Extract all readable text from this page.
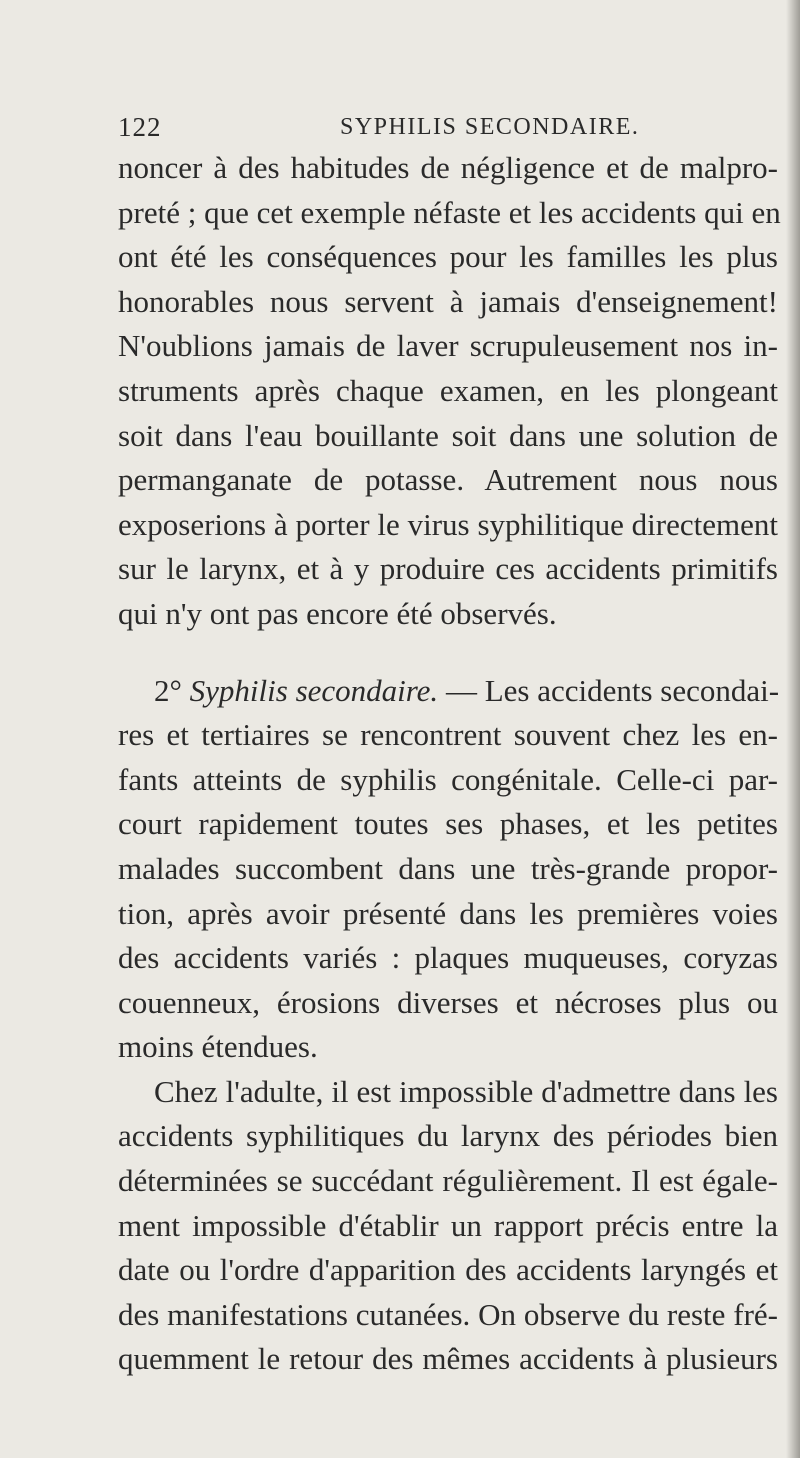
122	SYPHILIS SECONDAIRE.
noncer à des habitudes de négligence et de malpro-
preté ; que cet exemple néfaste et les accidents qui en
ont été les conséquences pour les familles les plus
honorables nous servent à jamais d'enseignement!
N'oublions jamais de laver scrupuleusement nos in-
struments après chaque examen, en les plongeant
soit dans l'eau bouillante soit dans une solution de
permanganate de potasse. Autrement nous nous
exposerions à porter le virus syphilitique directement
sur le larynx, et à y produire ces accidents primitifs
qui n'y ont pas encore été observés.
2° Syphilis secondaire. — Les accidents secondai-
res et tertiaires se rencontrent souvent chez les en-
fants atteints de syphilis congénitale. Celle-ci par-
court rapidement toutes ses phases, et les petites
malades succombent dans une très-grande propor-
tion, après avoir présenté dans les premières voies
des accidents variés : plaques muqueuses, coryzas
couenneux, érosions diverses et nécroses plus ou
moins étendues.
Chez l'adulte, il est impossible d'admettre dans les
accidents syphilitiques du larynx des périodes bien
déterminées se succédant régulièrement. Il est égale-
ment impossible d'établir un rapport précis entre la
date ou l'ordre d'apparition des accidents laryngés et
des manifestations cutanées. On observe du reste fré-
quemment le retour des mêmes accidents à plusieurs
